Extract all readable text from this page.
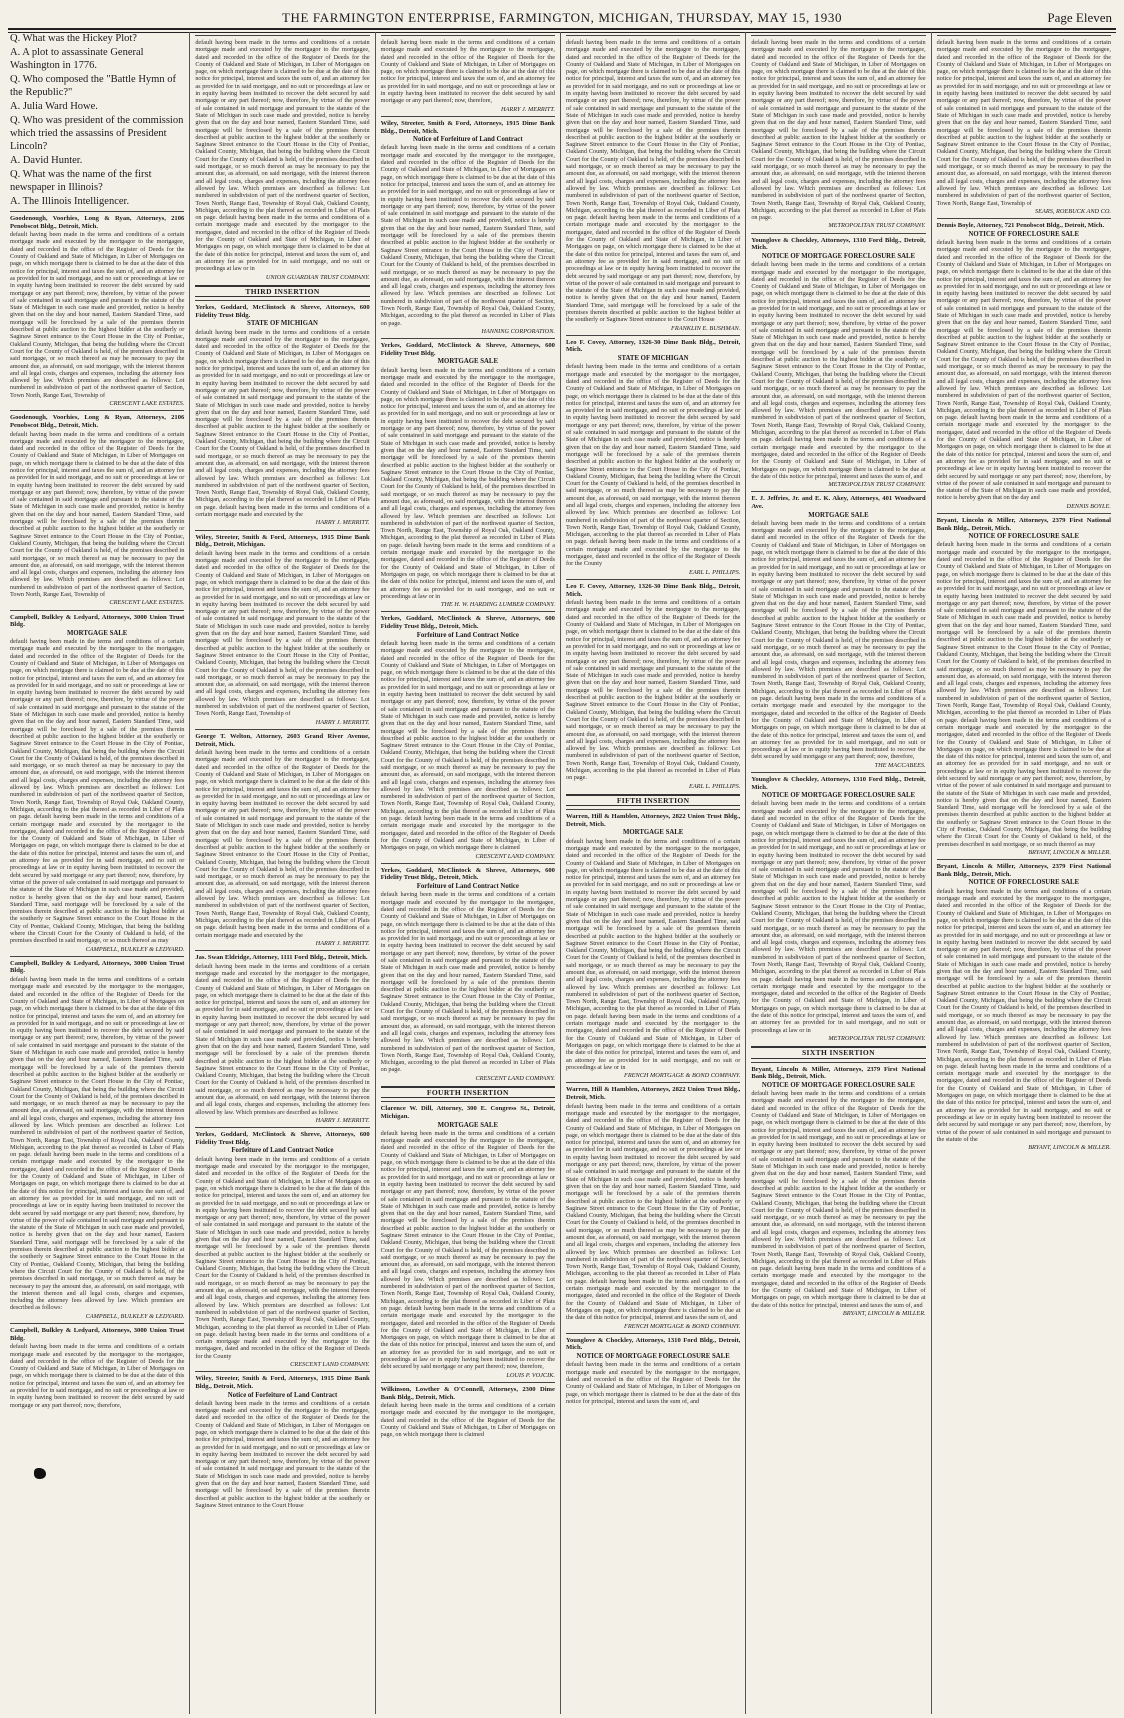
THE FARMINGTON ENTERPRISE, FARMINGTON, MICHIGAN, THURSDAY, MAY 15, 1930	Page Eleven

Q. What was the Hickey Plot?

A. A plot to assassinate General Washington in 1776.

Q. Who composed the "Battle Hymn of the Republic?"

A. Julia Ward Howe.

Q. Who was president of the commission which tried the assassins of President Lincoln?

A. David Hunter.

Q. What was the name of the first newspaper in Illinois?

A. The Illinois Intelligencer.

Goodenough, Voorhies, Long & Ryan, Attorneys, 2106 Penobscot Bldg., Detroit, Mich.

default having been made in the terms and conditions of a certain mortgage made and executed by the mortgagor to the mortgagee, dated and recorded in the office of the Register of Deeds for the County of Oakland and State of Michigan, in Liber of Mortgages on page, on which mortgage there is claimed to be due at the date of this notice for principal, interest and taxes the sum of, and an attorney fee as provided for in said mortgage, and no suit or proceedings at law or in equity having been instituted to recover the debt secured by said mortgage or any part thereof; now, therefore, by virtue of the power of sale contained in said mortgage and pursuant to the statute of the State of Michigan in such case made and provided, notice is hereby given that on the day and hour named, Eastern Standard Time, said mortgage will be foreclosed by a sale of the premises therein described at public auction to the highest bidder at the southerly or Saginaw Street entrance to the Court House in the City of Pontiac, Oakland County, Michigan, that being the building where the Circuit Court for the County of Oakland is held, of the premises described in said mortgage, or so much thereof as may be necessary to pay the amount due, as aforesaid, on said mortgage, with the interest thereon and all legal costs, charges and expenses, including the attorney fees allowed by law. Which premises are described as follows: Lot numbered in subdivision of part of the northwest quarter of Section, Town North, Range East, Township of

CRESCENT LAKE ESTATES.

Goodenough, Voorhies, Long & Ryan, Attorneys, 2106 Penobscot Bldg., Detroit, Mich.

default having been made in the terms and conditions of a certain mortgage made and executed by the mortgagor to the mortgagee, dated and recorded in the office of the Register of Deeds for the County of Oakland and State of Michigan, in Liber of Mortgages on page, on which mortgage there is claimed to be due at the date of this notice for principal, interest and taxes the sum of, and an attorney fee as provided for in said mortgage, and no suit or proceedings at law or in equity having been instituted to recover the debt secured by said mortgage or any part thereof; now, therefore, by virtue of the power of sale contained in said mortgage and pursuant to the statute of the State of Michigan in such case made and provided, notice is hereby given that on the day and hour named, Eastern Standard Time, said mortgage will be foreclosed by a sale of the premises therein described at public auction to the highest bidder at the southerly or Saginaw Street entrance to the Court House in the City of Pontiac, Oakland County, Michigan, that being the building where the Circuit Court for the County of Oakland is held, of the premises described in said mortgage, or so much thereof as may be necessary to pay the amount due, as aforesaid, on said mortgage, with the interest thereon and all legal costs, charges and expenses, including the attorney fees allowed by law. Which premises are described as follows: Lot numbered in subdivision of part of the northwest quarter of Section, Town North, Range East, Township of

CRESCENT LAKE ESTATES.

Campbell, Bulkley & Ledyard, Attorneys, 3000 Union Trust Bldg.

MORTGAGE SALE

default having been made in the terms and conditions of a certain mortgage made and executed by the mortgagor to the mortgagee, dated and recorded in the office of the Register of Deeds for the County of Oakland and State of Michigan, in Liber of Mortgages on page, on which mortgage there is claimed to be due at the date of this notice for principal, interest and taxes the sum of, and an attorney fee as provided for in said mortgage, and no suit or proceedings at law or in equity having been instituted to recover the debt secured by said mortgage or any part thereof; now, therefore, by virtue of the power of sale contained in said mortgage and pursuant to the statute of the State of Michigan in such case made and provided, notice is hereby given that on the day and hour named, Eastern Standard Time, said mortgage will be foreclosed by a sale of the premises therein described at public auction to the highest bidder at the southerly or Saginaw Street entrance to the Court House in the City of Pontiac, Oakland County, Michigan, that being the building where the Circuit Court for the County of Oakland is held, of the premises described in said mortgage, or so much thereof as may be necessary to pay the amount due, as aforesaid, on said mortgage, with the interest thereon and all legal costs, charges and expenses, including the attorney fees allowed by law. Which premises are described as follows: Lot numbered in subdivision of part of the northwest quarter of Section, Town North, Range East, Township of Royal Oak, Oakland County, Michigan, according to the plat thereof as recorded in Liber of Plats on page. default having been made in the terms and conditions of a certain mortgage made and executed by the mortgagor to the mortgagee, dated and recorded in the office of the Register of Deeds for the County of Oakland and State of Michigan, in Liber of Mortgages on page, on which mortgage there is claimed to be due at the date of this notice for principal, interest and taxes the sum of, and an attorney fee as provided for in said mortgage, and no suit or proceedings at law or in equity having been instituted to recover the debt secured by said mortgage or any part thereof; now, therefore, by virtue of the power of sale contained in said mortgage and pursuant to the statute of the State of Michigan in such case made and provided, notice is hereby given that on the day and hour named, Eastern Standard Time, said mortgage will be foreclosed by a sale of the premises therein described at public auction to the highest bidder at the southerly or Saginaw Street entrance to the Court House in the City of Pontiac, Oakland County, Michigan, that being the building where the Circuit Court for the County of Oakland is held, of the premises described in said mortgage, or so much thereof as may

CAMPBELL, BULKLEY & LEDYARD.

Campbell, Bulkley & Ledyard, Attorneys, 3000 Union Trust Bldg.

default having been made in the terms and conditions of a certain mortgage made and executed by the mortgagor to the mortgagee, dated and recorded in the office of the Register of Deeds for the County of Oakland and State of Michigan, in Liber of Mortgages on page, on which mortgage there is claimed to be due at the date of this notice for principal, interest and taxes the sum of, and an attorney fee as provided for in said mortgage, and no suit or proceedings at law or in equity having been instituted to recover the debt secured by said mortgage or any part thereof; now, therefore, by virtue of the power of sale contained in said mortgage and pursuant to the statute of the State of Michigan in such case made and provided, notice is hereby given that on the day and hour named, Eastern Standard Time, said mortgage will be foreclosed by a sale of the premises therein described at public auction to the highest bidder at the southerly or Saginaw Street entrance to the Court House in the City of Pontiac, Oakland County, Michigan, that being the building where the Circuit Court for the County of Oakland is held, of the premises described in said mortgage, or so much thereof as may be necessary to pay the amount due, as aforesaid, on said mortgage, with the interest thereon and all legal costs, charges and expenses, including the attorney fees allowed by law. Which premises are described as follows: Lot numbered in subdivision of part of the northwest quarter of Section, Town North, Range East, Township of Royal Oak, Oakland County, Michigan, according to the plat thereof as recorded in Liber of Plats on page. default having been made in the terms and conditions of a certain mortgage made and executed by the mortgagor to the mortgagee, dated and recorded in the office of the Register of Deeds for the County of Oakland and State of Michigan, in Liber of Mortgages on page, on which mortgage there is claimed to be due at the date of this notice for principal, interest and taxes the sum of, and an attorney fee as provided for in said mortgage, and no suit or proceedings at law or in equity having been instituted to recover the debt secured by said mortgage or any part thereof; now, therefore, by virtue of the power of sale contained in said mortgage and pursuant to the statute of the State of Michigan in such case made and provided, notice is hereby given that on the day and hour named, Eastern Standard Time, said mortgage will be foreclosed by a sale of the premises therein described at public auction to the highest bidder at the southerly or Saginaw Street entrance to the Court House in the City of Pontiac, Oakland County, Michigan, that being the building where the Circuit Court for the County of Oakland is held, of the premises described in said mortgage, or so much thereof as may be necessary to pay the amount due, as aforesaid, on said mortgage, with the interest thereon and all legal costs, charges and expenses, including the attorney fees allowed by law. Which premises are described as follows:

CAMPBELL, BULKLEY & LEDYARD.

Campbell, Bulkley & Ledyard, Attorneys, 3000 Union Trust Bldg.

default having been made in the terms and conditions of a certain mortgage made and executed by the mortgagor to the mortgagee, dated and recorded in the office of the Register of Deeds for the County of Oakland and State of Michigan, in Liber of Mortgages on page, on which mortgage there is claimed to be due at the date of this notice for principal, interest and taxes the sum of, and an attorney fee as provided for in said mortgage, and no suit or proceedings at law or in equity having been instituted to recover the debt secured by said mortgage or any part thereof; now, therefore,

default having been made in the terms and conditions of a certain mortgage made and executed by the mortgagor to the mortgagee, dated and recorded in the office of the Register of Deeds for the County of Oakland and State of Michigan, in Liber of Mortgages on page, on which mortgage there is claimed to be due at the date of this notice for principal, interest and taxes the sum of, and an attorney fee as provided for in said mortgage, and no suit or proceedings at law or in equity having been instituted to recover the debt secured by said mortgage or any part thereof; now, therefore, by virtue of the power of sale contained in said mortgage and pursuant to the statute of the State of Michigan in such case made and provided, notice is hereby given that on the day and hour named, Eastern Standard Time, said mortgage will be foreclosed by a sale of the premises therein described at public auction to the highest bidder at the southerly or Saginaw Street entrance to the Court House in the City of Pontiac, Oakland County, Michigan, that being the building where the Circuit Court for the County of Oakland is held, of the premises described in said mortgage, or so much thereof as may be necessary to pay the amount due, as aforesaid, on said mortgage, with the interest thereon and all legal costs, charges and expenses, including the attorney fees allowed by law. Which premises are described as follows: Lot numbered in subdivision of part of the northwest quarter of Section, Town North, Range East, Township of Royal Oak, Oakland County, Michigan, according to the plat thereof as recorded in Liber of Plats on page. default having been made in the terms and conditions of a certain mortgage made and executed by the mortgagor to the mortgagee, dated and recorded in the office of the Register of Deeds for the County of Oakland and State of Michigan, in Liber of Mortgages on page, on which mortgage there is claimed to be due at the date of this notice for principal, interest and taxes the sum of, and an attorney fee as provided for in said mortgage, and no suit or proceedings at law or in

UNION GUARDIAN TRUST COMPANY.

THIRD INSERTION

Yerkes, Goddard, McClintock & Shreve, Attorneys, 600 Fidelity Trust Bldg.

STATE OF MICHIGAN

default having been made in the terms and conditions of a certain mortgage made and executed by the mortgagor to the mortgagee, dated and recorded in the office of the Register of Deeds for the County of Oakland and State of Michigan, in Liber of Mortgages on page, on which mortgage there is claimed to be due at the date of this notice for principal, interest and taxes the sum of, and an attorney fee as provided for in said mortgage, and no suit or proceedings at law or in equity having been instituted to recover the debt secured by said mortgage or any part thereof; now, therefore, by virtue of the power of sale contained in said mortgage and pursuant to the statute of the State of Michigan in such case made and provided, notice is hereby given that on the day and hour named, Eastern Standard Time, said mortgage will be foreclosed by a sale of the premises therein described at public auction to the highest bidder at the southerly or Saginaw Street entrance to the Court House in the City of Pontiac, Oakland County, Michigan, that being the building where the Circuit Court for the County of Oakland is held, of the premises described in said mortgage, or so much thereof as may be necessary to pay the amount due, as aforesaid, on said mortgage, with the interest thereon and all legal costs, charges and expenses, including the attorney fees allowed by law. Which premises are described as follows: Lot numbered in subdivision of part of the northwest quarter of Section, Town North, Range East, Township of Royal Oak, Oakland County, Michigan, according to the plat thereof as recorded in Liber of Plats on page. default having been made in the terms and conditions of a certain mortgage made and executed by the

HARRY J. MERRITT.

Wiley, Streeter, Smith & Ford, Attorneys, 1915 Dime Bank Bldg., Detroit, Michigan.

default having been made in the terms and conditions of a certain mortgage made and executed by the mortgagor to the mortgagee, dated and recorded in the office of the Register of Deeds for the County of Oakland and State of Michigan, in Liber of Mortgages on page, on which mortgage there is claimed to be due at the date of this notice for principal, interest and taxes the sum of, and an attorney fee as provided for in said mortgage, and no suit or proceedings at law or in equity having been instituted to recover the debt secured by said mortgage or any part thereof; now, therefore, by virtue of the power of sale contained in said mortgage and pursuant to the statute of the State of Michigan in such case made and provided, notice is hereby given that on the day and hour named, Eastern Standard Time, said mortgage will be foreclosed by a sale of the premises therein described at public auction to the highest bidder at the southerly or Saginaw Street entrance to the Court House in the City of Pontiac, Oakland County, Michigan, that being the building where the Circuit Court for the County of Oakland is held, of the premises described in said mortgage, or so much thereof as may be necessary to pay the amount due, as aforesaid, on said mortgage, with the interest thereon and all legal costs, charges and expenses, including the attorney fees allowed by law. Which premises are described as follows: Lot numbered in subdivision of part of the northwest quarter of Section, Town North, Range East, Township of

HARRY J. MERRITT.

George T. Welton, Attorney, 2603 Grand River Avenue, Detroit, Mich.

default having been made in the terms and conditions of a certain mortgage made and executed by the mortgagor to the mortgagee, dated and recorded in the office of the Register of Deeds for the County of Oakland and State of Michigan, in Liber of Mortgages on page, on which mortgage there is claimed to be due at the date of this notice for principal, interest and taxes the sum of, and an attorney fee as provided for in said mortgage, and no suit or proceedings at law or in equity having been instituted to recover the debt secured by said mortgage or any part thereof; now, therefore, by virtue of the power of sale contained in said mortgage and pursuant to the statute of the State of Michigan in such case made and provided, notice is hereby given that on the day and hour named, Eastern Standard Time, said mortgage will be foreclosed by a sale of the premises therein described at public auction to the highest bidder at the southerly or Saginaw Street entrance to the Court House in the City of Pontiac, Oakland County, Michigan, that being the building where the Circuit Court for the County of Oakland is held, of the premises described in said mortgage, or so much thereof as may be necessary to pay the amount due, as aforesaid, on said mortgage, with the interest thereon and all legal costs, charges and expenses, including the attorney fees allowed by law. Which premises are described as follows: Lot numbered in subdivision of part of the northwest quarter of Section, Town North, Range East, Township of Royal Oak, Oakland County, Michigan, according to the plat thereof as recorded in Liber of Plats on page. default having been made in the terms and conditions of a certain mortgage made and executed by the

HARRY J. MERRITT.

Jas. Swan Eldridge, Attorney, 1111 Ford Bldg., Detroit, Mich.

default having been made in the terms and conditions of a certain mortgage made and executed by the mortgagor to the mortgagee, dated and recorded in the office of the Register of Deeds for the County of Oakland and State of Michigan, in Liber of Mortgages on page, on which mortgage there is claimed to be due at the date of this notice for principal, interest and taxes the sum of, and an attorney fee as provided for in said mortgage, and no suit or proceedings at law or in equity having been instituted to recover the debt secured by said mortgage or any part thereof; now, therefore, by virtue of the power of sale contained in said mortgage and pursuant to the statute of the State of Michigan in such case made and provided, notice is hereby given that on the day and hour named, Eastern Standard Time, said mortgage will be foreclosed by a sale of the premises therein described at public auction to the highest bidder at the southerly or Saginaw Street entrance to the Court House in the City of Pontiac, Oakland County, Michigan, that being the building where the Circuit Court for the County of Oakland is held, of the premises described in said mortgage, or so much thereof as may be necessary to pay the amount due, as aforesaid, on said mortgage, with the interest thereon and all legal costs, charges and expenses, including the attorney fees allowed by law. Which premises are described as follows:

HARRY J. MERRITT.

Yerkes, Goddard, McClintock & Shreve, Attorneys, 600 Fidelity Trust Bldg.

Forfeiture of Land Contract Notice

default having been made in the terms and conditions of a certain mortgage made and executed by the mortgagor to the mortgagee, dated and recorded in the office of the Register of Deeds for the County of Oakland and State of Michigan, in Liber of Mortgages on page, on which mortgage there is claimed to be due at the date of this notice for principal, interest and taxes the sum of, and an attorney fee as provided for in said mortgage, and no suit or proceedings at law or in equity having been instituted to recover the debt secured by said mortgage or any part thereof; now, therefore, by virtue of the power of sale contained in said mortgage and pursuant to the statute of the State of Michigan in such case made and provided, notice is hereby given that on the day and hour named, Eastern Standard Time, said mortgage will be foreclosed by a sale of the premises therein described at public auction to the highest bidder at the southerly or Saginaw Street entrance to the Court House in the City of Pontiac, Oakland County, Michigan, that being the building where the Circuit Court for the County of Oakland is held, of the premises described in said mortgage, or so much thereof as may be necessary to pay the amount due, as aforesaid, on said mortgage, with the interest thereon and all legal costs, charges and expenses, including the attorney fees allowed by law. Which premises are described as follows: Lot numbered in subdivision of part of the northwest quarter of Section, Town North, Range East, Township of Royal Oak, Oakland County, Michigan, according to the plat thereof as recorded in Liber of Plats on page. default having been made in the terms and conditions of a certain mortgage made and executed by the mortgagor to the mortgagee, dated and recorded in the office of the Register of Deeds for the County

CRESCENT LAND COMPANY.

Wiley, Streeter, Smith & Ford, Attorneys, 1915 Dime Bank Bldg., Detroit, Mich.

Notice of Forfeiture of Land Contract

default having been made in the terms and conditions of a certain mortgage made and executed by the mortgagor to the mortgagee, dated and recorded in the office of the Register of Deeds for the County of Oakland and State of Michigan, in Liber of Mortgages on page, on which mortgage there is claimed to be due at the date of this notice for principal, interest and taxes the sum of, and an attorney fee as provided for in said mortgage, and no suit or proceedings at law or in equity having been instituted to recover the debt secured by said mortgage or any part thereof; now, therefore, by virtue of the power of sale contained in said mortgage and pursuant to the statute of the State of Michigan in such case made and provided, notice is hereby given that on the day and hour named, Eastern Standard Time, said mortgage will be foreclosed by a sale of the premises therein described at public auction to the highest bidder at the southerly or Saginaw Street entrance to the Court House

default having been made in the terms and conditions of a certain mortgage made and executed by the mortgagor to the mortgagee, dated and recorded in the office of the Register of Deeds for the County of Oakland and State of Michigan, in Liber of Mortgages on page, on which mortgage there is claimed to be due at the date of this notice for principal, interest and taxes the sum of, and an attorney fee as provided for in said mortgage, and no suit or proceedings at law or in equity having been instituted to recover the debt secured by said mortgage or any part thereof; now, therefore,

HARRY J. MERRITT.

Wiley, Streeter, Smith & Ford, Attorneys, 1915 Dime Bank Bldg., Detroit, Mich.

Notice of Forfeiture of Land Contract

default having been made in the terms and conditions of a certain mortgage made and executed by the mortgagor to the mortgagee, dated and recorded in the office of the Register of Deeds for the County of Oakland and State of Michigan, in Liber of Mortgages on page, on which mortgage there is claimed to be due at the date of this notice for principal, interest and taxes the sum of, and an attorney fee as provided for in said mortgage, and no suit or proceedings at law or in equity having been instituted to recover the debt secured by said mortgage or any part thereof; now, therefore, by virtue of the power of sale contained in said mortgage and pursuant to the statute of the State of Michigan in such case made and provided, notice is hereby given that on the day and hour named, Eastern Standard Time, said mortgage will be foreclosed by a sale of the premises therein described at public auction to the highest bidder at the southerly or Saginaw Street entrance to the Court House in the City of Pontiac, Oakland County, Michigan, that being the building where the Circuit Court for the County of Oakland is held, of the premises described in said mortgage, or so much thereof as may be necessary to pay the amount due, as aforesaid, on said mortgage, with the interest thereon and all legal costs, charges and expenses, including the attorney fees allowed by law. Which premises are described as follows: Lot numbered in subdivision of part of the northwest quarter of Section, Town North, Range East, Township of Royal Oak, Oakland County, Michigan, according to the plat thereof as recorded in Liber of Plats on page.

HANNING CORPORATION.

Yerkes, Goddard, McClintock & Shreve, Attorneys, 600 Fidelity Trust Bldg.

MORTGAGE SALE

default having been made in the terms and conditions of a certain mortgage made and executed by the mortgagor to the mortgagee, dated and recorded in the office of the Register of Deeds for the County of Oakland and State of Michigan, in Liber of Mortgages on page, on which mortgage there is claimed to be due at the date of this notice for principal, interest and taxes the sum of, and an attorney fee as provided for in said mortgage, and no suit or proceedings at law or in equity having been instituted to recover the debt secured by said mortgage or any part thereof; now, therefore, by virtue of the power of sale contained in said mortgage and pursuant to the statute of the State of Michigan in such case made and provided, notice is hereby given that on the day and hour named, Eastern Standard Time, said mortgage will be foreclosed by a sale of the premises therein described at public auction to the highest bidder at the southerly or Saginaw Street entrance to the Court House in the City of Pontiac, Oakland County, Michigan, that being the building where the Circuit Court for the County of Oakland is held, of the premises described in said mortgage, or so much thereof as may be necessary to pay the amount due, as aforesaid, on said mortgage, with the interest thereon and all legal costs, charges and expenses, including the attorney fees allowed by law. Which premises are described as follows: Lot numbered in subdivision of part of the northwest quarter of Section, Town North, Range East, Township of Royal Oak, Oakland County, Michigan, according to the plat thereof as recorded in Liber of Plats on page. default having been made in the terms and conditions of a certain mortgage made and executed by the mortgagor to the mortgagee, dated and recorded in the office of the Register of Deeds for the County of Oakland and State of Michigan, in Liber of Mortgages on page, on which mortgage there is claimed to be due at the date of this notice for principal, interest and taxes the sum of, and an attorney fee as provided for in said mortgage, and no suit or proceedings at law or in

THE H. W. HARDING LUMBER COMPANY.

Yerkes, Goddard, McClintock & Shreve, Attorneys, 600 Fidelity Trust Bldg., Detroit, Mich.

Forfeiture of Land Contract Notice

default having been made in the terms and conditions of a certain mortgage made and executed by the mortgagor to the mortgagee, dated and recorded in the office of the Register of Deeds for the County of Oakland and State of Michigan, in Liber of Mortgages on page, on which mortgage there is claimed to be due at the date of this notice for principal, interest and taxes the sum of, and an attorney fee as provided for in said mortgage, and no suit or proceedings at law or in equity having been instituted to recover the debt secured by said mortgage or any part thereof; now, therefore, by virtue of the power of sale contained in said mortgage and pursuant to the statute of the State of Michigan in such case made and provided, notice is hereby given that on the day and hour named, Eastern Standard Time, said mortgage will be foreclosed by a sale of the premises therein described at public auction to the highest bidder at the southerly or Saginaw Street entrance to the Court House in the City of Pontiac, Oakland County, Michigan, that being the building where the Circuit Court for the County of Oakland is held, of the premises described in said mortgage, or so much thereof as may be necessary to pay the amount due, as aforesaid, on said mortgage, with the interest thereon and all legal costs, charges and expenses, including the attorney fees allowed by law. Which premises are described as follows: Lot numbered in subdivision of part of the northwest quarter of Section, Town North, Range East, Township of Royal Oak, Oakland County, Michigan, according to the plat thereof as recorded in Liber of Plats on page. default having been made in the terms and conditions of a certain mortgage made and executed by the mortgagor to the mortgagee, dated and recorded in the office of the Register of Deeds for the County of Oakland and State of Michigan, in Liber of Mortgages on page, on which mortgage there is claimed

CRESCENT LAND COMPANY.

Yerkes, Goddard, McClintock & Shreve, Attorneys, 600 Fidelity Trust Bldg., Detroit, Mich.

Forfeiture of Land Contract Notice

default having been made in the terms and conditions of a certain mortgage made and executed by the mortgagor to the mortgagee, dated and recorded in the office of the Register of Deeds for the County of Oakland and State of Michigan, in Liber of Mortgages on page, on which mortgage there is claimed to be due at the date of this notice for principal, interest and taxes the sum of, and an attorney fee as provided for in said mortgage, and no suit or proceedings at law or in equity having been instituted to recover the debt secured by said mortgage or any part thereof; now, therefore, by virtue of the power of sale contained in said mortgage and pursuant to the statute of the State of Michigan in such case made and provided, notice is hereby given that on the day and hour named, Eastern Standard Time, said mortgage will be foreclosed by a sale of the premises therein described at public auction to the highest bidder at the southerly or Saginaw Street entrance to the Court House in the City of Pontiac, Oakland County, Michigan, that being the building where the Circuit Court for the County of Oakland is held, of the premises described in said mortgage, or so much thereof as may be necessary to pay the amount due, as aforesaid, on said mortgage, with the interest thereon and all legal costs, charges and expenses, including the attorney fees allowed by law. Which premises are described as follows: Lot numbered in subdivision of part of the northwest quarter of Section, Town North, Range East, Township of Royal Oak, Oakland County, Michigan, according to the plat thereof as recorded in Liber of Plats on page.

CRESCENT LAND COMPANY.

FOURTH INSERTION

Clarence W. Dill, Attorney, 300 E. Congress St., Detroit, Michigan.

MORTGAGE SALE

default having been made in the terms and conditions of a certain mortgage made and executed by the mortgagor to the mortgagee, dated and recorded in the office of the Register of Deeds for the County of Oakland and State of Michigan, in Liber of Mortgages on page, on which mortgage there is claimed to be due at the date of this notice for principal, interest and taxes the sum of, and an attorney fee as provided for in said mortgage, and no suit or proceedings at law or in equity having been instituted to recover the debt secured by said mortgage or any part thereof; now, therefore, by virtue of the power of sale contained in said mortgage and pursuant to the statute of the State of Michigan in such case made and provided, notice is hereby given that on the day and hour named, Eastern Standard Time, said mortgage will be foreclosed by a sale of the premises therein described at public auction to the highest bidder at the southerly or Saginaw Street entrance to the Court House in the City of Pontiac, Oakland County, Michigan, that being the building where the Circuit Court for the County of Oakland is held, of the premises described in said mortgage, or so much thereof as may be necessary to pay the amount due, as aforesaid, on said mortgage, with the interest thereon and all legal costs, charges and expenses, including the attorney fees allowed by law. Which premises are described as follows: Lot numbered in subdivision of part of the northwest quarter of Section, Town North, Range East, Township of Royal Oak, Oakland County, Michigan, according to the plat thereof as recorded in Liber of Plats on page. default having been made in the terms and conditions of a certain mortgage made and executed by the mortgagor to the mortgagee, dated and recorded in the office of the Register of Deeds for the County of Oakland and State of Michigan, in Liber of Mortgages on page, on which mortgage there is claimed to be due at the date of this notice for principal, interest and taxes the sum of, and an attorney fee as provided for in said mortgage, and no suit or proceedings at law or in equity having been instituted to recover the debt secured by said mortgage or any part thereof; now, therefore,

LOUIS P. VOJCIK.

Wilkinson, Lowther & O'Connell, Attorneys, 2300 Dime Bank Bldg., Detroit, Mich.

default having been made in the terms and conditions of a certain mortgage made and executed by the mortgagor to the mortgagee, dated and recorded in the office of the Register of Deeds for the County of Oakland and State of Michigan, in Liber of Mortgages on page, on which mortgage there is claimed

default having been made in the terms and conditions of a certain mortgage made and executed by the mortgagor to the mortgagee, dated and recorded in the office of the Register of Deeds for the County of Oakland and State of Michigan, in Liber of Mortgages on page, on which mortgage there is claimed to be due at the date of this notice for principal, interest and taxes the sum of, and an attorney fee as provided for in said mortgage, and no suit or proceedings at law or in equity having been instituted to recover the debt secured by said mortgage or any part thereof; now, therefore, by virtue of the power of sale contained in said mortgage and pursuant to the statute of the State of Michigan in such case made and provided, notice is hereby given that on the day and hour named, Eastern Standard Time, said mortgage will be foreclosed by a sale of the premises therein described at public auction to the highest bidder at the southerly or Saginaw Street entrance to the Court House in the City of Pontiac, Oakland County, Michigan, that being the building where the Circuit Court for the County of Oakland is held, of the premises described in said mortgage, or so much thereof as may be necessary to pay the amount due, as aforesaid, on said mortgage, with the interest thereon and all legal costs, charges and expenses, including the attorney fees allowed by law. Which premises are described as follows: Lot numbered in subdivision of part of the northwest quarter of Section, Town North, Range East, Township of Royal Oak, Oakland County, Michigan, according to the plat thereof as recorded in Liber of Plats on page. default having been made in the terms and conditions of a certain mortgage made and executed by the mortgagor to the mortgagee, dated and recorded in the office of the Register of Deeds for the County of Oakland and State of Michigan, in Liber of Mortgages on page, on which mortgage there is claimed to be due at the date of this notice for principal, interest and taxes the sum of, and an attorney fee as provided for in said mortgage, and no suit or proceedings at law or in equity having been instituted to recover the debt secured by said mortgage or any part thereof; now, therefore, by virtue of the power of sale contained in said mortgage and pursuant to the statute of the State of Michigan in such case made and provided, notice is hereby given that on the day and hour named, Eastern Standard Time, said mortgage will be foreclosed by a sale of the premises therein described at public auction to the highest bidder at the southerly or Saginaw Street entrance to the Court House

FRANKLIN E. BUSHMAN.

Leo F. Covey, Attorney, 1326-30 Dime Bank Bldg., Detroit, Mich.

STATE OF MICHIGAN

default having been made in the terms and conditions of a certain mortgage made and executed by the mortgagor to the mortgagee, dated and recorded in the office of the Register of Deeds for the County of Oakland and State of Michigan, in Liber of Mortgages on page, on which mortgage there is claimed to be due at the date of this notice for principal, interest and taxes the sum of, and an attorney fee as provided for in said mortgage, and no suit or proceedings at law or in equity having been instituted to recover the debt secured by said mortgage or any part thereof; now, therefore, by virtue of the power of sale contained in said mortgage and pursuant to the statute of the State of Michigan in such case made and provided, notice is hereby given that on the day and hour named, Eastern Standard Time, said mortgage will be foreclosed by a sale of the premises therein described at public auction to the highest bidder at the southerly or Saginaw Street entrance to the Court House in the City of Pontiac, Oakland County, Michigan, that being the building where the Circuit Court for the County of Oakland is held, of the premises described in said mortgage, or so much thereof as may be necessary to pay the amount due, as aforesaid, on said mortgage, with the interest thereon and all legal costs, charges and expenses, including the attorney fees allowed by law. Which premises are described as follows: Lot numbered in subdivision of part of the northwest quarter of Section, Town North, Range East, Township of Royal Oak, Oakland County, Michigan, according to the plat thereof as recorded in Liber of Plats on page. default having been made in the terms and conditions of a certain mortgage made and executed by the mortgagor to the mortgagee, dated and recorded in the office of the Register of Deeds for the County

EARL L. PHILLIPS.

Leo F. Covey, Attorney, 1326-30 Dime Bank Bldg., Detroit, Mich.

default having been made in the terms and conditions of a certain mortgage made and executed by the mortgagor to the mortgagee, dated and recorded in the office of the Register of Deeds for the County of Oakland and State of Michigan, in Liber of Mortgages on page, on which mortgage there is claimed to be due at the date of this notice for principal, interest and taxes the sum of, and an attorney fee as provided for in said mortgage, and no suit or proceedings at law or in equity having been instituted to recover the debt secured by said mortgage or any part thereof; now, therefore, by virtue of the power of sale contained in said mortgage and pursuant to the statute of the State of Michigan in such case made and provided, notice is hereby given that on the day and hour named, Eastern Standard Time, said mortgage will be foreclosed by a sale of the premises therein described at public auction to the highest bidder at the southerly or Saginaw Street entrance to the Court House in the City of Pontiac, Oakland County, Michigan, that being the building where the Circuit Court for the County of Oakland is held, of the premises described in said mortgage, or so much thereof as may be necessary to pay the amount due, as aforesaid, on said mortgage, with the interest thereon and all legal costs, charges and expenses, including the attorney fees allowed by law. Which premises are described as follows: Lot numbered in subdivision of part of the northwest quarter of Section, Town North, Range East, Township of Royal Oak, Oakland County, Michigan, according to the plat thereof as recorded in Liber of Plats on page.

EARL L. PHILLIPS.

FIFTH INSERTION

Warren, Hill & Hamblen, Attorneys, 2822 Union Trust Bldg., Detroit, Mich.

MORTGAGE SALE

default having been made in the terms and conditions of a certain mortgage made and executed by the mortgagor to the mortgagee, dated and recorded in the office of the Register of Deeds for the County of Oakland and State of Michigan, in Liber of Mortgages on page, on which mortgage there is claimed to be due at the date of this notice for principal, interest and taxes the sum of, and an attorney fee as provided for in said mortgage, and no suit or proceedings at law or in equity having been instituted to recover the debt secured by said mortgage or any part thereof; now, therefore, by virtue of the power of sale contained in said mortgage and pursuant to the statute of the State of Michigan in such case made and provided, notice is hereby given that on the day and hour named, Eastern Standard Time, said mortgage will be foreclosed by a sale of the premises therein described at public auction to the highest bidder at the southerly or Saginaw Street entrance to the Court House in the City of Pontiac, Oakland County, Michigan, that being the building where the Circuit Court for the County of Oakland is held, of the premises described in said mortgage, or so much thereof as may be necessary to pay the amount due, as aforesaid, on said mortgage, with the interest thereon and all legal costs, charges and expenses, including the attorney fees allowed by law. Which premises are described as follows: Lot numbered in subdivision of part of the northwest quarter of Section, Town North, Range East, Township of Royal Oak, Oakland County, Michigan, according to the plat thereof as recorded in Liber of Plats on page. default having been made in the terms and conditions of a certain mortgage made and executed by the mortgagor to the mortgagee, dated and recorded in the office of the Register of Deeds for the County of Oakland and State of Michigan, in Liber of Mortgages on page, on which mortgage there is claimed to be due at the date of this notice for principal, interest and taxes the sum of, and an attorney fee as provided for in said mortgage, and no suit or proceedings at law or in

FRENCH MORTGAGE & BOND COMPANY.

Warren, Hill & Hamblen, Attorneys, 2822 Union Trust Bldg., Detroit, Mich.

default having been made in the terms and conditions of a certain mortgage made and executed by the mortgagor to the mortgagee, dated and recorded in the office of the Register of Deeds for the County of Oakland and State of Michigan, in Liber of Mortgages on page, on which mortgage there is claimed to be due at the date of this notice for principal, interest and taxes the sum of, and an attorney fee as provided for in said mortgage, and no suit or proceedings at law or in equity having been instituted to recover the debt secured by said mortgage or any part thereof; now, therefore, by virtue of the power of sale contained in said mortgage and pursuant to the statute of the State of Michigan in such case made and provided, notice is hereby given that on the day and hour named, Eastern Standard Time, said mortgage will be foreclosed by a sale of the premises therein described at public auction to the highest bidder at the southerly or Saginaw Street entrance to the Court House in the City of Pontiac, Oakland County, Michigan, that being the building where the Circuit Court for the County of Oakland is held, of the premises described in said mortgage, or so much thereof as may be necessary to pay the amount due, as aforesaid, on said mortgage, with the interest thereon and all legal costs, charges and expenses, including the attorney fees allowed by law. Which premises are described as follows: Lot numbered in subdivision of part of the northwest quarter of Section, Town North, Range East, Township of Royal Oak, Oakland County, Michigan, according to the plat thereof as recorded in Liber of Plats on page. default having been made in the terms and conditions of a certain mortgage made and executed by the mortgagor to the mortgagee, dated and recorded in the office of the Register of Deeds for the County of Oakland and State of Michigan, in Liber of Mortgages on page, on which mortgage there is claimed to be due at the date of this notice for principal, interest and taxes the sum of, and

FRENCH MORTGAGE & BOND COMPANY.

Younglove & Chockley, Attorneys, 1310 Ford Bldg., Detroit, Mich.

NOTICE OF MORTGAGE FORECLOSURE SALE

default having been made in the terms and conditions of a certain mortgage made and executed by the mortgagor to the mortgagee, dated and recorded in the office of the Register of Deeds for the County of Oakland and State of Michigan, in Liber of Mortgages on page, on which mortgage there is claimed to be due at the date of this notice for principal, interest and taxes the sum of, and

default having been made in the terms and conditions of a certain mortgage made and executed by the mortgagor to the mortgagee, dated and recorded in the office of the Register of Deeds for the County of Oakland and State of Michigan, in Liber of Mortgages on page, on which mortgage there is claimed to be due at the date of this notice for principal, interest and taxes the sum of, and an attorney fee as provided for in said mortgage, and no suit or proceedings at law or in equity having been instituted to recover the debt secured by said mortgage or any part thereof; now, therefore, by virtue of the power of sale contained in said mortgage and pursuant to the statute of the State of Michigan in such case made and provided, notice is hereby given that on the day and hour named, Eastern Standard Time, said mortgage will be foreclosed by a sale of the premises therein described at public auction to the highest bidder at the southerly or Saginaw Street entrance to the Court House in the City of Pontiac, Oakland County, Michigan, that being the building where the Circuit Court for the County of Oakland is held, of the premises described in said mortgage, or so much thereof as may be necessary to pay the amount due, as aforesaid, on said mortgage, with the interest thereon and all legal costs, charges and expenses, including the attorney fees allowed by law. Which premises are described as follows: Lot numbered in subdivision of part of the northwest quarter of Section, Town North, Range East, Township of Royal Oak, Oakland County, Michigan, according to the plat thereof as recorded in Liber of Plats on page.

METROPOLITAN TRUST COMPANY.

Younglove & Chockley, Attorneys, 1310 Ford Bldg., Detroit, Mich.

NOTICE OF MORTGAGE FORECLOSURE SALE

default having been made in the terms and conditions of a certain mortgage made and executed by the mortgagor to the mortgagee, dated and recorded in the office of the Register of Deeds for the County of Oakland and State of Michigan, in Liber of Mortgages on page, on which mortgage there is claimed to be due at the date of this notice for principal, interest and taxes the sum of, and an attorney fee as provided for in said mortgage, and no suit or proceedings at law or in equity having been instituted to recover the debt secured by said mortgage or any part thereof; now, therefore, by virtue of the power of sale contained in said mortgage and pursuant to the statute of the State of Michigan in such case made and provided, notice is hereby given that on the day and hour named, Eastern Standard Time, said mortgage will be foreclosed by a sale of the premises therein described at public auction to the highest bidder at the southerly or Saginaw Street entrance to the Court House in the City of Pontiac, Oakland County, Michigan, that being the building where the Circuit Court for the County of Oakland is held, of the premises described in said mortgage, or so much thereof as may be necessary to pay the amount due, as aforesaid, on said mortgage, with the interest thereon and all legal costs, charges and expenses, including the attorney fees allowed by law. Which premises are described as follows: Lot numbered in subdivision of part of the northwest quarter of Section, Town North, Range East, Township of Royal Oak, Oakland County, Michigan, according to the plat thereof as recorded in Liber of Plats on page. default having been made in the terms and conditions of a certain mortgage made and executed by the mortgagor to the mortgagee, dated and recorded in the office of the Register of Deeds for the County of Oakland and State of Michigan, in Liber of Mortgages on page, on which mortgage there is claimed to be due at the date of this notice for principal, interest and taxes the sum of, and

METROPOLITAN TRUST COMPANY.

E. J. Jeffries, Jr. and E. K. Akey, Attorneys, 401 Woodward Ave.

MORTGAGE SALE

default having been made in the terms and conditions of a certain mortgage made and executed by the mortgagor to the mortgagee, dated and recorded in the office of the Register of Deeds for the County of Oakland and State of Michigan, in Liber of Mortgages on page, on which mortgage there is claimed to be due at the date of this notice for principal, interest and taxes the sum of, and an attorney fee as provided for in said mortgage, and no suit or proceedings at law or in equity having been instituted to recover the debt secured by said mortgage or any part thereof; now, therefore, by virtue of the power of sale contained in said mortgage and pursuant to the statute of the State of Michigan in such case made and provided, notice is hereby given that on the day and hour named, Eastern Standard Time, said mortgage will be foreclosed by a sale of the premises therein described at public auction to the highest bidder at the southerly or Saginaw Street entrance to the Court House in the City of Pontiac, Oakland County, Michigan, that being the building where the Circuit Court for the County of Oakland is held, of the premises described in said mortgage, or so much thereof as may be necessary to pay the amount due, as aforesaid, on said mortgage, with the interest thereon and all legal costs, charges and expenses, including the attorney fees allowed by law. Which premises are described as follows: Lot numbered in subdivision of part of the northwest quarter of Section, Town North, Range East, Township of Royal Oak, Oakland County, Michigan, according to the plat thereof as recorded in Liber of Plats on page. default having been made in the terms and conditions of a certain mortgage made and executed by the mortgagor to the mortgagee, dated and recorded in the office of the Register of Deeds for the County of Oakland and State of Michigan, in Liber of Mortgages on page, on which mortgage there is claimed to be due at the date of this notice for principal, interest and taxes the sum of, and an attorney fee as provided for in said mortgage, and no suit or proceedings at law or in equity having been instituted to recover the debt secured by said mortgage or any part thereof; now, therefore,

THE MACCABEES.

Younglove & Chockley, Attorneys, 1310 Ford Bldg., Detroit, Mich.

NOTICE OF MORTGAGE FORECLOSURE SALE

default having been made in the terms and conditions of a certain mortgage made and executed by the mortgagor to the mortgagee, dated and recorded in the office of the Register of Deeds for the County of Oakland and State of Michigan, in Liber of Mortgages on page, on which mortgage there is claimed to be due at the date of this notice for principal, interest and taxes the sum of, and an attorney fee as provided for in said mortgage, and no suit or proceedings at law or in equity having been instituted to recover the debt secured by said mortgage or any part thereof; now, therefore, by virtue of the power of sale contained in said mortgage and pursuant to the statute of the State of Michigan in such case made and provided, notice is hereby given that on the day and hour named, Eastern Standard Time, said mortgage will be foreclosed by a sale of the premises therein described at public auction to the highest bidder at the southerly or Saginaw Street entrance to the Court House in the City of Pontiac, Oakland County, Michigan, that being the building where the Circuit Court for the County of Oakland is held, of the premises described in said mortgage, or so much thereof as may be necessary to pay the amount due, as aforesaid, on said mortgage, with the interest thereon and all legal costs, charges and expenses, including the attorney fees allowed by law. Which premises are described as follows: Lot numbered in subdivision of part of the northwest quarter of Section, Town North, Range East, Township of Royal Oak, Oakland County, Michigan, according to the plat thereof as recorded in Liber of Plats on page. default having been made in the terms and conditions of a certain mortgage made and executed by the mortgagor to the mortgagee, dated and recorded in the office of the Register of Deeds for the County of Oakland and State of Michigan, in Liber of Mortgages on page, on which mortgage there is claimed to be due at the date of this notice for principal, interest and taxes the sum of, and an attorney fee as provided for in said mortgage, and no suit or proceedings at law or in

METROPOLITAN TRUST COMPANY.

SIXTH INSERTION

Bryant, Lincoln & Miller, Attorneys, 2379 First National Bank Bldg., Detroit, Mich.

NOTICE OF MORTGAGE FORECLOSURE SALE

default having been made in the terms and conditions of a certain mortgage made and executed by the mortgagor to the mortgagee, dated and recorded in the office of the Register of Deeds for the County of Oakland and State of Michigan, in Liber of Mortgages on page, on which mortgage there is claimed to be due at the date of this notice for principal, interest and taxes the sum of, and an attorney fee as provided for in said mortgage, and no suit or proceedings at law or in equity having been instituted to recover the debt secured by said mortgage or any part thereof; now, therefore, by virtue of the power of sale contained in said mortgage and pursuant to the statute of the State of Michigan in such case made and provided, notice is hereby given that on the day and hour named, Eastern Standard Time, said mortgage will be foreclosed by a sale of the premises therein described at public auction to the highest bidder at the southerly or Saginaw Street entrance to the Court House in the City of Pontiac, Oakland County, Michigan, that being the building where the Circuit Court for the County of Oakland is held, of the premises described in said mortgage, or so much thereof as may be necessary to pay the amount due, as aforesaid, on said mortgage, with the interest thereon and all legal costs, charges and expenses, including the attorney fees allowed by law. Which premises are described as follows: Lot numbered in subdivision of part of the northwest quarter of Section, Town North, Range East, Township of Royal Oak, Oakland County, Michigan, according to the plat thereof as recorded in Liber of Plats on page. default having been made in the terms and conditions of a certain mortgage made and executed by the mortgagor to the mortgagee, dated and recorded in the office of the Register of Deeds for the County of Oakland and State of Michigan, in Liber of Mortgages on page, on which mortgage there is claimed to be due at the date of this notice for principal, interest and taxes the sum of, and

BRYANT, LINCOLN & MILLER.

default having been made in the terms and conditions of a certain mortgage made and executed by the mortgagor to the mortgagee, dated and recorded in the office of the Register of Deeds for the County of Oakland and State of Michigan, in Liber of Mortgages on page, on which mortgage there is claimed to be due at the date of this notice for principal, interest and taxes the sum of, and an attorney fee as provided for in said mortgage, and no suit or proceedings at law or in equity having been instituted to recover the debt secured by said mortgage or any part thereof; now, therefore, by virtue of the power of sale contained in said mortgage and pursuant to the statute of the State of Michigan in such case made and provided, notice is hereby given that on the day and hour named, Eastern Standard Time, said mortgage will be foreclosed by a sale of the premises therein described at public auction to the highest bidder at the southerly or Saginaw Street entrance to the Court House in the City of Pontiac, Oakland County, Michigan, that being the building where the Circuit Court for the County of Oakland is held, of the premises described in said mortgage, or so much thereof as may be necessary to pay the amount due, as aforesaid, on said mortgage, with the interest thereon and all legal costs, charges and expenses, including the attorney fees allowed by law. Which premises are described as follows: Lot numbered in subdivision of part of the northwest quarter of Section, Town North, Range East, Township of

SEARS, ROEBUCK AND CO.

Dennis Boyle, Attorney, 721 Penobscot Bldg., Detroit, Mich.

NOTICE OF FORECLOSURE SALE

default having been made in the terms and conditions of a certain mortgage made and executed by the mortgagor to the mortgagee, dated and recorded in the office of the Register of Deeds for the County of Oakland and State of Michigan, in Liber of Mortgages on page, on which mortgage there is claimed to be due at the date of this notice for principal, interest and taxes the sum of, and an attorney fee as provided for in said mortgage, and no suit or proceedings at law or in equity having been instituted to recover the debt secured by said mortgage or any part thereof; now, therefore, by virtue of the power of sale contained in said mortgage and pursuant to the statute of the State of Michigan in such case made and provided, notice is hereby given that on the day and hour named, Eastern Standard Time, said mortgage will be foreclosed by a sale of the premises therein described at public auction to the highest bidder at the southerly or Saginaw Street entrance to the Court House in the City of Pontiac, Oakland County, Michigan, that being the building where the Circuit Court for the County of Oakland is held, of the premises described in said mortgage, or so much thereof as may be necessary to pay the amount due, as aforesaid, on said mortgage, with the interest thereon and all legal costs, charges and expenses, including the attorney fees allowed by law. Which premises are described as follows: Lot numbered in subdivision of part of the northwest quarter of Section, Town North, Range East, Township of Royal Oak, Oakland County, Michigan, according to the plat thereof as recorded in Liber of Plats on page. default having been made in the terms and conditions of a certain mortgage made and executed by the mortgagor to the mortgagee, dated and recorded in the office of the Register of Deeds for the County of Oakland and State of Michigan, in Liber of Mortgages on page, on which mortgage there is claimed to be due at the date of this notice for principal, interest and taxes the sum of, and an attorney fee as provided for in said mortgage, and no suit or proceedings at law or in equity having been instituted to recover the debt secured by said mortgage or any part thereof; now, therefore, by virtue of the power of sale contained in said mortgage and pursuant to the statute of the State of Michigan in such case made and provided, notice is hereby given that on the day and

DENNIS BOYLE.

Bryant, Lincoln & Miller, Attorneys, 2379 First National Bank Bldg., Detroit, Mich.

NOTICE OF FORECLOSURE SALE

default having been made in the terms and conditions of a certain mortgage made and executed by the mortgagor to the mortgagee, dated and recorded in the office of the Register of Deeds for the County of Oakland and State of Michigan, in Liber of Mortgages on page, on which mortgage there is claimed to be due at the date of this notice for principal, interest and taxes the sum of, and an attorney fee as provided for in said mortgage, and no suit or proceedings at law or in equity having been instituted to recover the debt secured by said mortgage or any part thereof; now, therefore, by virtue of the power of sale contained in said mortgage and pursuant to the statute of the State of Michigan in such case made and provided, notice is hereby given that on the day and hour named, Eastern Standard Time, said mortgage will be foreclosed by a sale of the premises therein described at public auction to the highest bidder at the southerly or Saginaw Street entrance to the Court House in the City of Pontiac, Oakland County, Michigan, that being the building where the Circuit Court for the County of Oakland is held, of the premises described in said mortgage, or so much thereof as may be necessary to pay the amount due, as aforesaid, on said mortgage, with the interest thereon and all legal costs, charges and expenses, including the attorney fees allowed by law. Which premises are described as follows: Lot numbered in subdivision of part of the northwest quarter of Section, Town North, Range East, Township of Royal Oak, Oakland County, Michigan, according to the plat thereof as recorded in Liber of Plats on page. default having been made in the terms and conditions of a certain mortgage made and executed by the mortgagor to the mortgagee, dated and recorded in the office of the Register of Deeds for the County of Oakland and State of Michigan, in Liber of Mortgages on page, on which mortgage there is claimed to be due at the date of this notice for principal, interest and taxes the sum of, and an attorney fee as provided for in said mortgage, and no suit or proceedings at law or in equity having been instituted to recover the debt secured by said mortgage or any part thereof; now, therefore, by virtue of the power of sale contained in said mortgage and pursuant to the statute of the State of Michigan in such case made and provided, notice is hereby given that on the day and hour named, Eastern Standard Time, said mortgage will be foreclosed by a sale of the premises therein described at public auction to the highest bidder at the southerly or Saginaw Street entrance to the Court House in the City of Pontiac, Oakland County, Michigan, that being the building where the Circuit Court for the County of Oakland is held, of the premises described in said mortgage, or so much thereof as may

BRYANT, LINCOLN & MILLER.

Bryant, Lincoln & Miller, Attorneys, 2379 First National Bank Bldg., Detroit, Mich.

NOTICE OF FORECLOSURE SALE

default having been made in the terms and conditions of a certain mortgage made and executed by the mortgagor to the mortgagee, dated and recorded in the office of the Register of Deeds for the County of Oakland and State of Michigan, in Liber of Mortgages on page, on which mortgage there is claimed to be due at the date of this notice for principal, interest and taxes the sum of, and an attorney fee as provided for in said mortgage, and no suit or proceedings at law or in equity having been instituted to recover the debt secured by said mortgage or any part thereof; now, therefore, by virtue of the power of sale contained in said mortgage and pursuant to the statute of the State of Michigan in such case made and provided, notice is hereby given that on the day and hour named, Eastern Standard Time, said mortgage will be foreclosed by a sale of the premises therein described at public auction to the highest bidder at the southerly or Saginaw Street entrance to the Court House in the City of Pontiac, Oakland County, Michigan, that being the building where the Circuit Court for the County of Oakland is held, of the premises described in said mortgage, or so much thereof as may be necessary to pay the amount due, as aforesaid, on said mortgage, with the interest thereon and all legal costs, charges and expenses, including the attorney fees allowed by law. Which premises are described as follows: Lot numbered in subdivision of part of the northwest quarter of Section, Town North, Range East, Township of Royal Oak, Oakland County, Michigan, according to the plat thereof as recorded in Liber of Plats on page. default having been made in the terms and conditions of a certain mortgage made and executed by the mortgagor to the mortgagee, dated and recorded in the office of the Register of Deeds for the County of Oakland and State of Michigan, in Liber of Mortgages on page, on which mortgage there is claimed to be due at the date of this notice for principal, interest and taxes the sum of, and an attorney fee as provided for in said mortgage, and no suit or proceedings at law or in equity having been instituted to recover the debt secured by said mortgage or any part thereof; now, therefore, by virtue of the power of sale contained in said mortgage and pursuant to the statute of the

BRYANT, LINCOLN & MILLER.
